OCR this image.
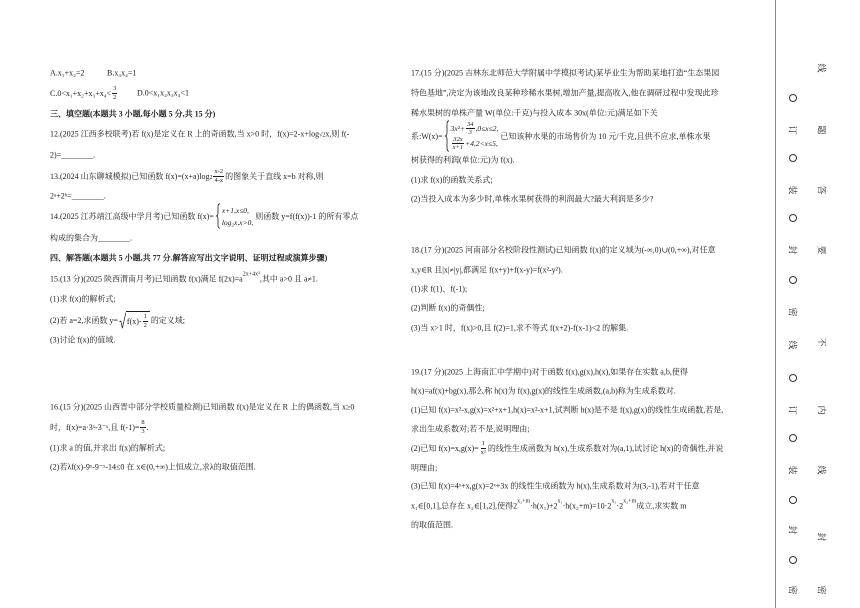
A.x₁+x₂=2	B.x₃x₄=1
$C.0<x_1+x_2+x_3+x_4< \frac{3}{2} D.0<x_1x_2x_3x_4<1$
三、填空题(本题共 3 小题,每小题 5 分,共 15 分)
12.(2025 江西多校联考)若 f(x)是定义在 R 上的奇函数,当 x>0 时，f(x)=2-x+log √2 x,则 f(-
2)=________.
13.(2024 山东聊城模拟)已知函数 f(x)=(x+a)log $2 \frac{x-2}{4-x}$ 的图象关于直线 x=b 对称,则
2ᵃ+2ᵇ=________.
14.(2025 江苏靖江高级中学月考)已知函数 f(x)=
x+1,x≤0,
log₂x,x>0,
则函数 y=f(f(x))-1 的所有零点
构成的集合为________.
四、解答题(本题共 5 小题,共 77 分.解答应写出文字说明、证明过程或演算步骤)
15.(13 分)(2025 陕西渭南月考)已知函数 f(x)满足 f(2x)=a 2x+4x² ,其中 a>0 且 a≠1.
(1)求 f(x)的解析式;
(2)若 a=2,求函数 $y= f(x)- \frac{1}{2}$ 的定义域;
(3)讨论 f(x)的值域.
16.(15 分)(2025 山西晋中部分学校质量检测)已知函数 f(x)是定义在 R 上的偶函数,当 x≥0
时，f(x)=a·3ˣ-3⁻ˣ,且 $f(-1)= \frac{8}{3}$ .
(1)求 a 的值,并求出 f(x)的解析式;
(2)若λf(x)-9ˣ-9⁻ˣ-14≤0 在 x∈(0,+∞)上恒成立,求λ的取值范围.
17.(15 分)(2025 吉林东北师范大学附属中学模拟考试)某毕业生为帮助某地打造“生态果园
特色基地”,决定为该地改良某种珍稀水果树,增加产量,提高收入,他在调研过程中发现此珍
稀水果树的单株产量 W(单位:千克)与投入成本 30x(单位:元)满足如下关
系:W(x)=
$3x^2+ \frac{34}{3} ,0\le x\le 2$,
$\frac{32x}{x+1} +4,2<x\le 5$,
已知该种水果的市场售价为 10 元/千克,且供不应求,单株水果
树获得的利润(单位:元)为 f(x).
(1)求 f(x)的函数关系式;
(2)当投入成本为多少时,单株水果树获得的利润最大?最大利润是多少?
18.(17 分)(2025 河南部分名校阶段性测试)已知函数 f(x)的定义域为(-∞,0)∪(0,+∞),对任意
x,y∈R 且|x|≠|y|,都满足 f(x+y)+f(x-y)=f(x²-y²).
(1)求 f(1)、f(-1);
(2)判断 f(x)的奇偶性;
(3)当 x>1 时，f(x)>0,且 f(2)=1,求不等式 f(x+2)-f(x-1)<2 的解集.
19.(17 分)(2025 上海南汇中学期中)对于函数 f(x),g(x),h(x),如果存在实数 a,b,使得
h(x)=af(x)+bg(x),那么称 h(x)为 f(x),g(x)的线性生成函数,(a,b)称为生成系数对.
(1)已知 f(x)=x²-x,g(x)=x²+x+1,h(x)=x²-x+1,试判断 h(x)是不是 f(x),g(x)的线性生成函数,若是,
求出生成系数对;若不是,说明理由;
(2)已知 $f(x)=x,g(x)= \frac{1}{\text{x²}}$ 的线性生成函数为 h(x),生成系数对为(a,1),试讨论 h(x)的奇偶性,并说
明理由;
(3)已知 f(x)=4ˣ+x,g(x)=2ˣ+3x 的线性生成函数为 h(x),生成系数对为(3,-1),若对于任意
x₁∈[0,1],总存在 x₂∈[1,2],使得2 x₂+m ·h(x₁)+2 x₁ ·h(x₂+m)=10·2 x₁ ·2 x₂+m 成立,求实数 m
的取值范围.
线
题
答
要
不
内
线
封
密
订
装
封
密
线
订
装
封
密
